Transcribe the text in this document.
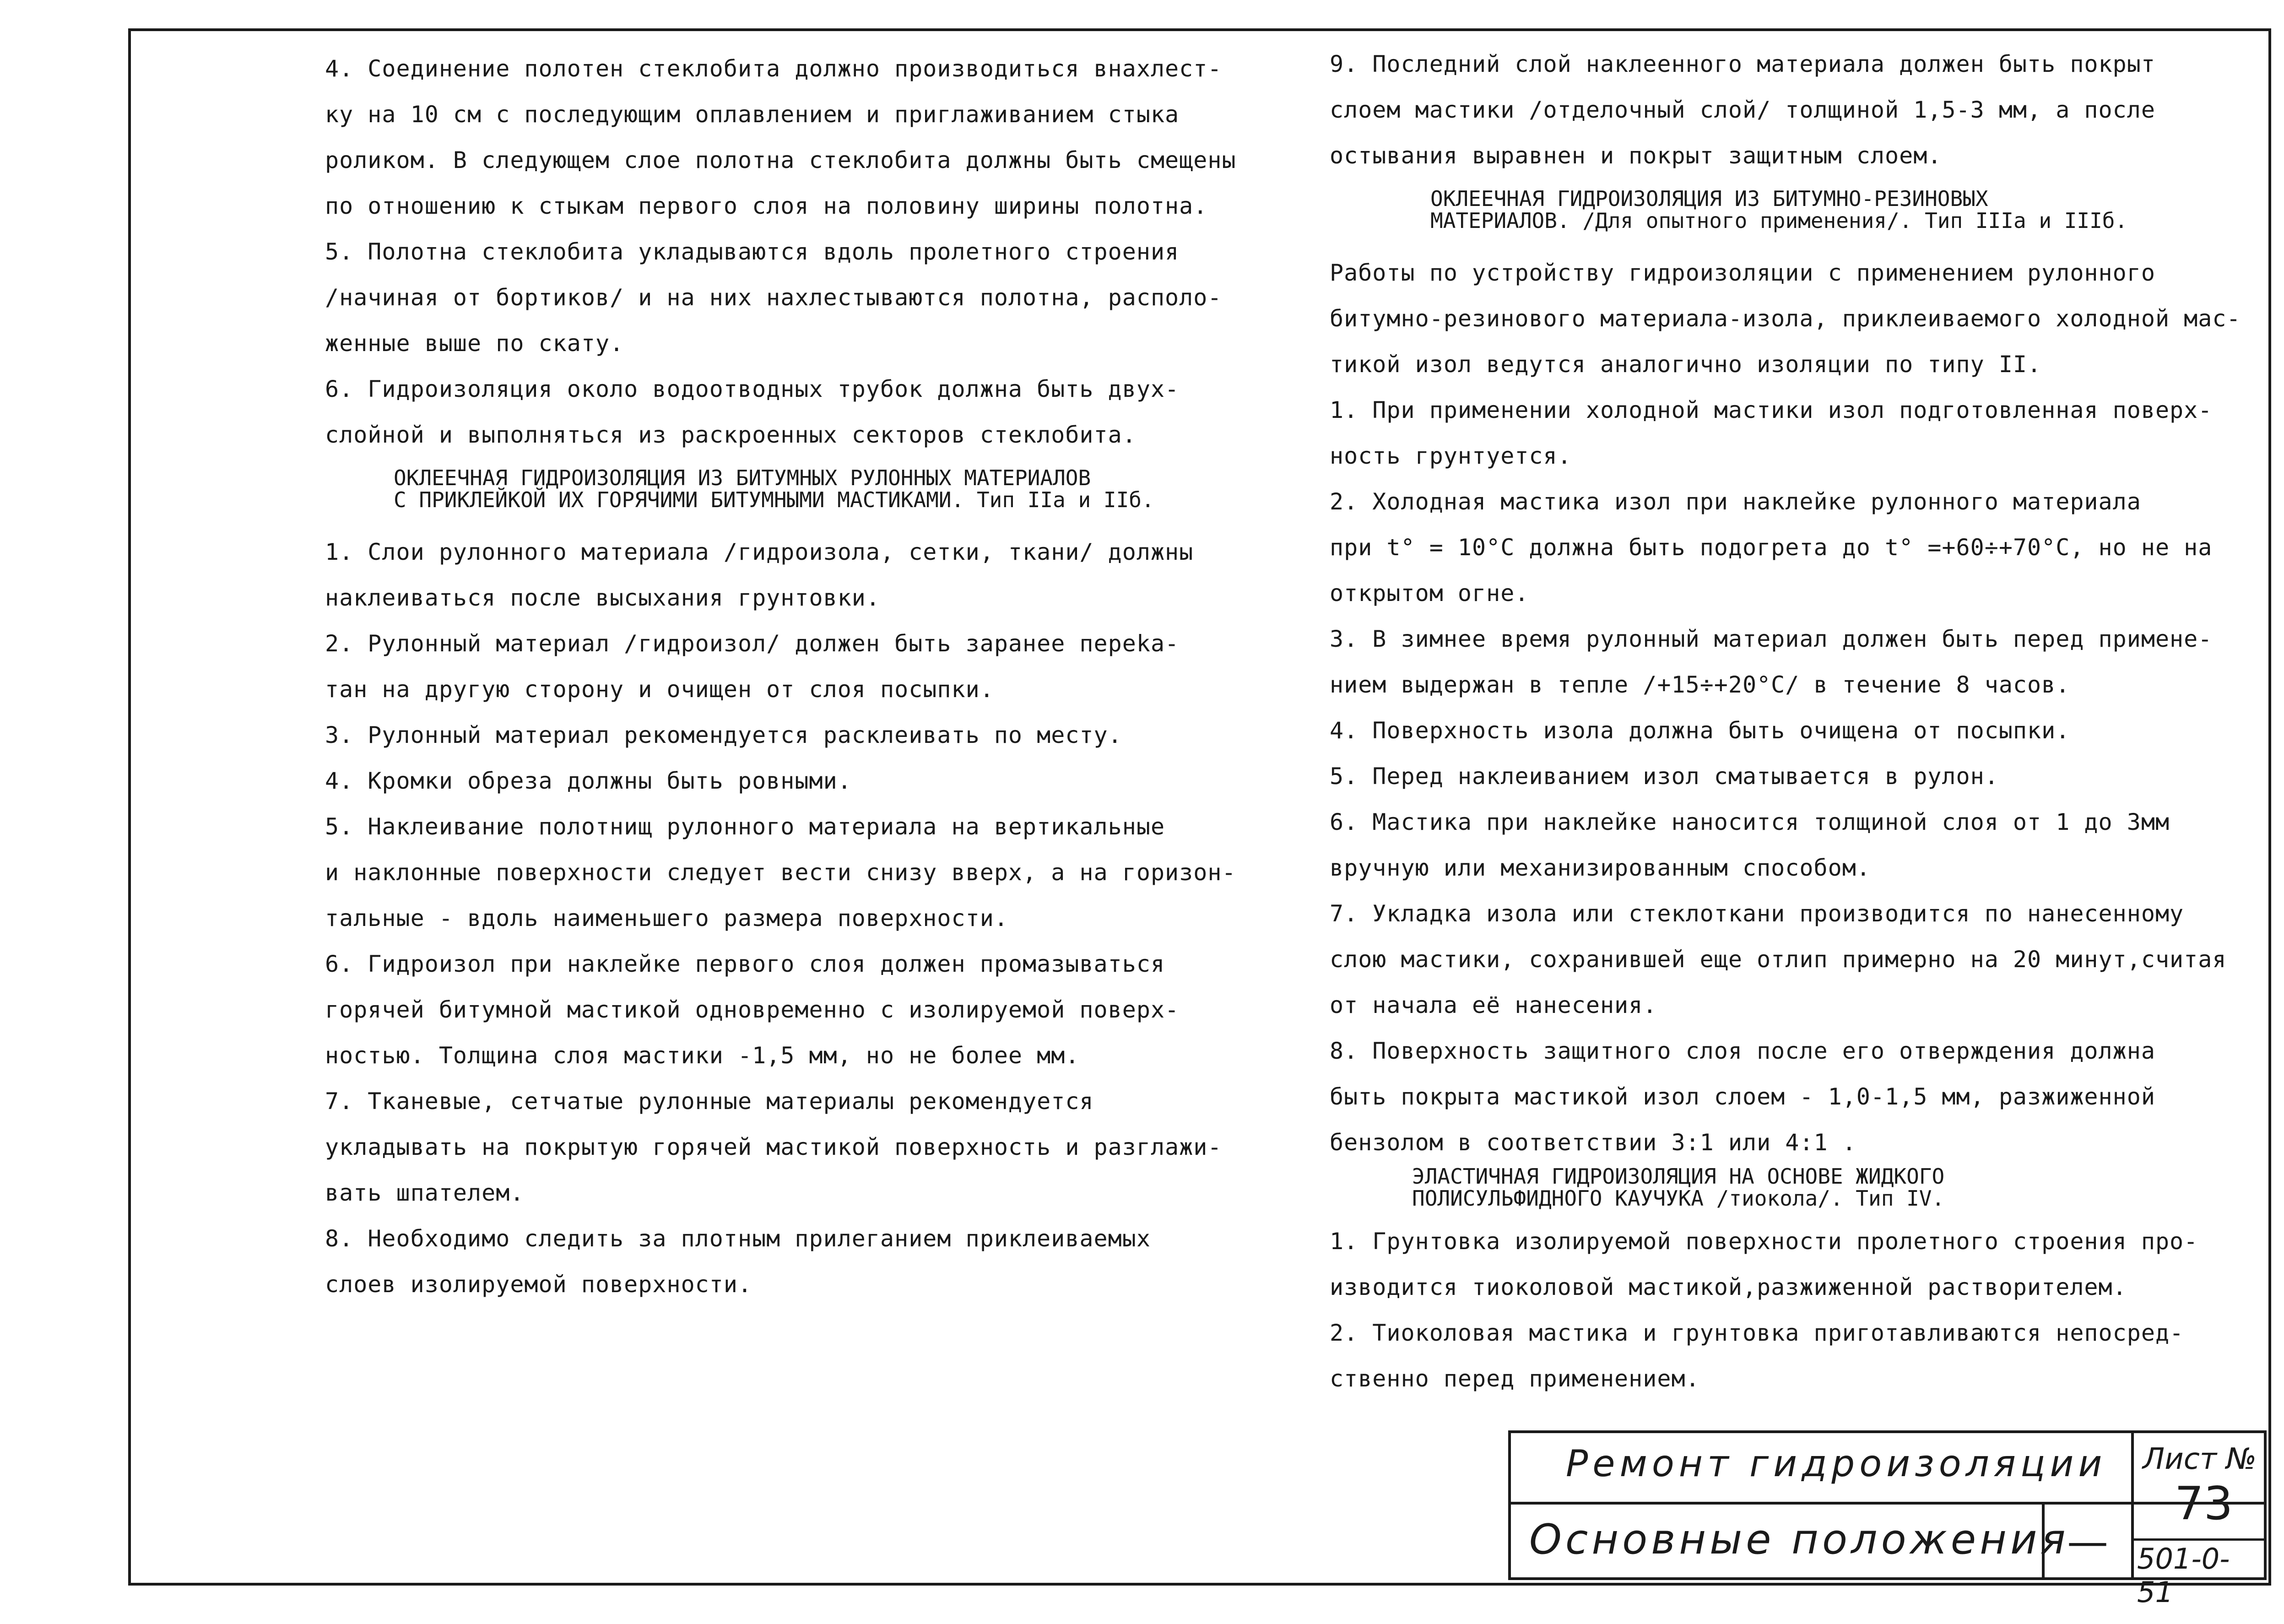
4. Соединение полотен стеклобита должно производиться внахлест-
ку на 10 см с последующим оплавлением и приглаживанием стыка
роликом. В следующем слое полотна стеклобита должны быть смещены
по отношению к стыкам первого слоя на половину ширины полотна.
5. Полотна стеклобита укладываются вдоль пролетного строения
/начиная от бортиков/ и на них нахлестываются полотна, располо-
женные выше по скату.
6. Гидроизоляция около водоотводных трубок должна быть двух-
слойной и выполняться из раскроенных секторов стеклобита.
ОКЛЕЕЧНАЯ ГИДРОИЗОЛЯЦИЯ ИЗ БИТУМНЫХ РУЛОННЫХ МАТЕРИАЛОВ
С ПРИКЛЕЙКОЙ ИХ ГОРЯЧИМИ БИТУМНЫМИ МАСТИКАМИ. Тип IIа и IIб.
1. Слои рулонного материала /гидроизола, сетки, ткани/ должны
наклеиваться после высыхания грунтовки.
2. Рулонный материал /гидроизол/ должен быть заранее переka-
тан на другую сторону и очищен от слоя посыпки.
3. Рулонный материал рекомендуется расклеивать по месту.
4. Кромки обреза должны быть ровными.
5. Наклеивание полотнищ рулонного материала на вертикальные
и наклонные поверхности следует вести снизу вверх, а на горизон-
тальные - вдоль наименьшего размера поверхности.
6. Гидроизол при наклейке первого слоя должен промазываться
горячей битумной мастикой одновременно с изолируемой поверх-
ностью. Толщина слоя мастики -1,5 мм, но не более мм.
7. Тканевые, сетчатые рулонные материалы рекомендуется
укладывать на покрытую горячей мастикой поверхность и разглажи-
вать шпателем.
8. Необходимо следить за плотным прилеганием приклеиваемых
слоев изолируемой поверхности.
9. Последний слой наклеенного материала должен быть покрыт
слоем мастики /отделочный слой/ толщиной 1,5-3 мм, а после
остывания выравнен и покрыт защитным слоем.
ОКЛЕЕЧНАЯ ГИДРОИЗОЛЯЦИЯ ИЗ БИТУМНО-РЕЗИНОВЫХ
МАТЕРИАЛОВ. /Для опытного применения/. Тип IIIа и IIIб.
Работы по устройству гидроизоляции с применением рулонного
битумно-резинового материала-изола, приклеиваемого холодной мас-
тикой изол ведутся аналогично изоляции по типу II.
1. При применении холодной мастики изол подготовленная поверх-
ность грунтуется.
2. Холодная мастика изол при наклейке рулонного материала
при t° = 10°С должна быть подогрета до t° =+60÷+70°С, но не на
открытом огне.
3. В зимнее время рулонный материал должен быть перед примене-
нием выдержан в тепле /+15÷+20°С/ в течение 8 часов.
4. Поверхность изола должна быть очищена от посыпки.
5. Перед наклеиванием изол сматывается в рулон.
6. Мастика при наклейке наносится толщиной слоя от 1 до 3мм
вручную или механизированным способом.
7. Укладка изола или стеклоткани производится по нанесенному
слою мастики, сохранившей еще отлип примерно на 20 минут,считая
от начала её нанесения.
8. Поверхность защитного слоя после его отверждения должна
быть покрыта мастикой изол слоем - 1,0-1,5 мм, разжиженной
бензолом в соответствии 3:1 или 4:1 .
ЭЛАСТИЧНАЯ ГИДРОИЗОЛЯЦИЯ НА ОСНОВЕ ЖИДКОГО
ПОЛИСУЛЬФИДНОГО КАУЧУКА /тиокола/. Тип IV.
1. Грунтовка изолируемой поверхности пролетного строения про-
изводится тиоколовой мастикой,разжиженной растворителем.
2. Тиоколовая мастика и грунтовка приготавливаются непосред-
ственно перед применением.
Ремонт гидроизоляции
Основные положения
—
Лист №
73
501-0-51
